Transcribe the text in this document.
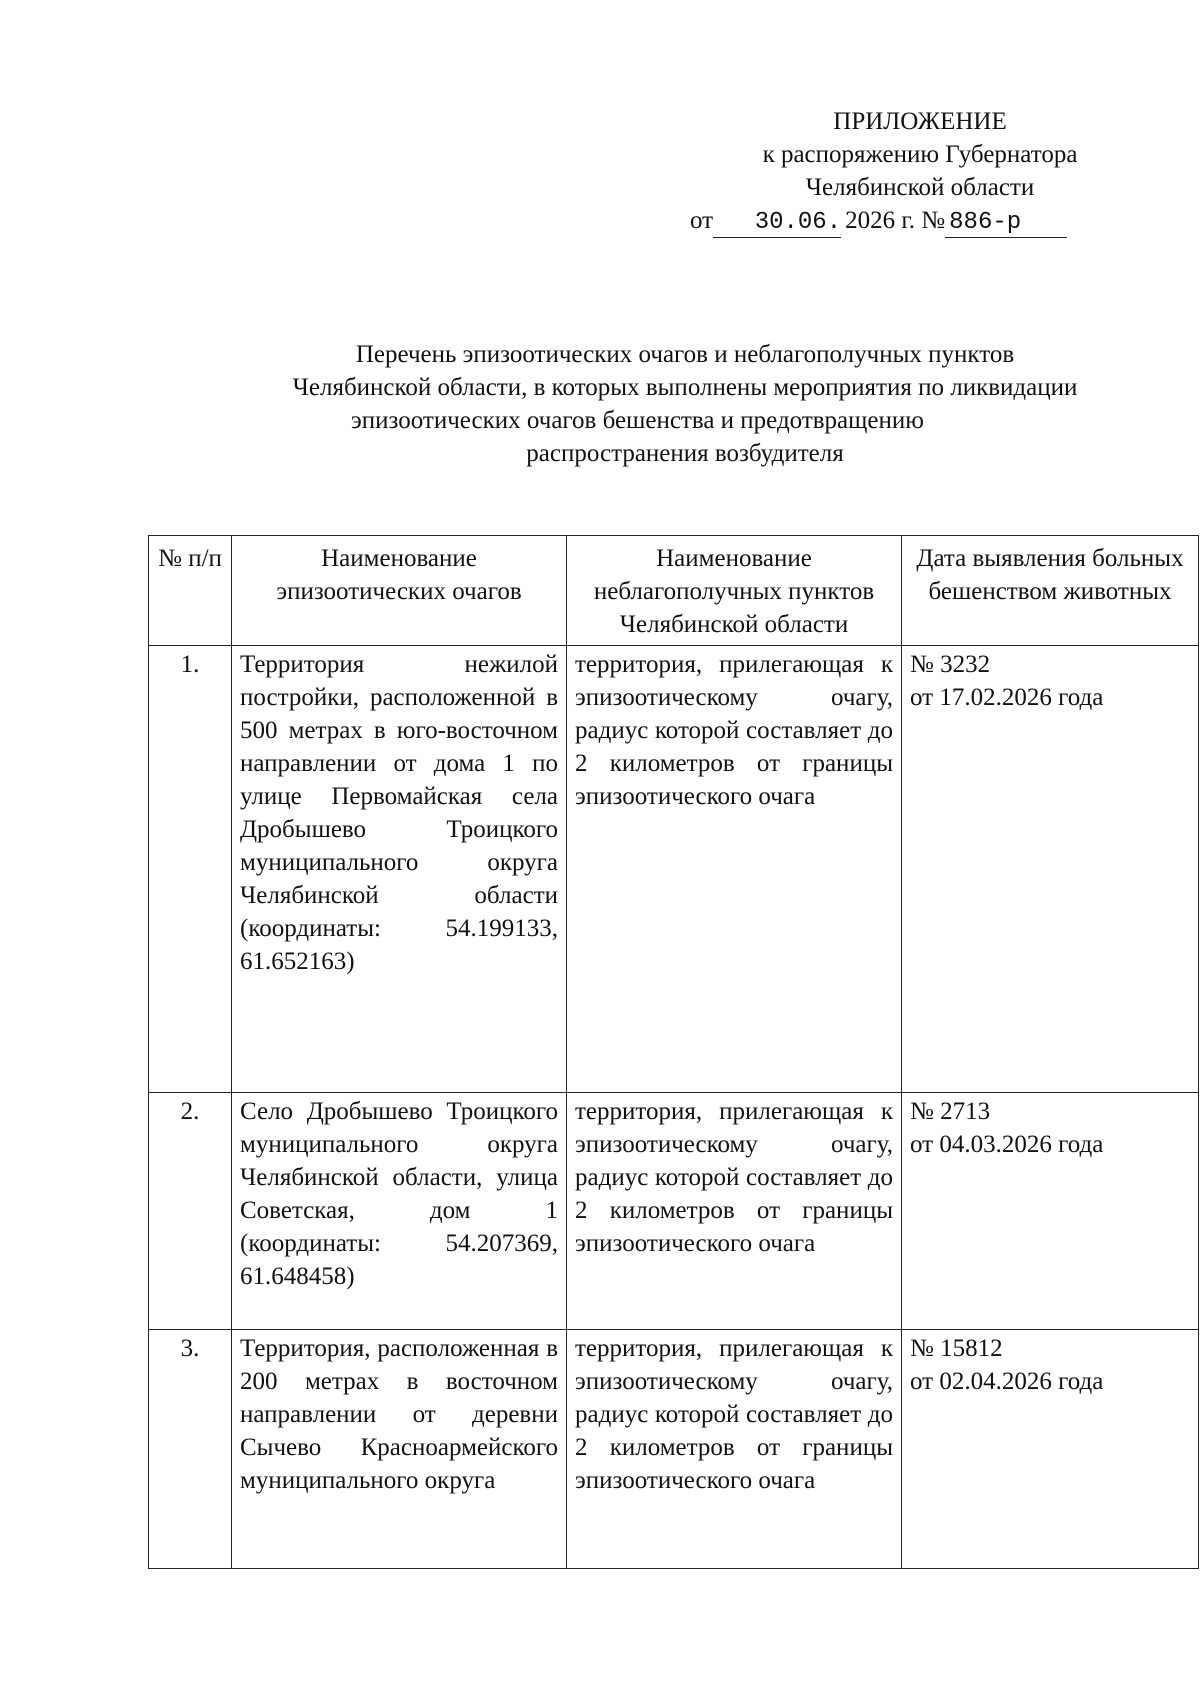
ПРИЛОЖЕНИЕ
к распоряжению Губернатора
Челябинской области
от 30.06. 2026 г. № 886-р
Перечень эпизоотических очагов и неблагополучных пунктов
Челябинской области, в которых выполнены мероприятия по ликвидации
эпизоотических очагов бешенства и предотвращению
распространения возбудителя
№ п/п	Наименование эпизоотических очагов	Наименование неблагополучных пунктов Челябинской области	Дата выявления больных бешенством животных
1.	Территория нежилой постройки, расположенной в 500 метрах в юго-восточном направлении от дома 1 по улице Первомайская села Дробышево Троицкого муниципального округа Челябинской области (координаты: 54.199133, 61.652163)	территория, прилегающая к эпизоотическому очагу, радиус которой составляет до 2 километров от границы эпизоотического очага	№ 3232
от 17.02.2026 года

2.	Село Дробышево Троицкого муниципального округа Челябинской области, улица Советская, дом 1 (координаты: 54.207369, 61.648458)	территория, прилегающая к эпизоотическому очагу, радиус которой составляет до 2 километров от границы эпизоотического очага	№ 2713
от 04.03.2026 года

3.	Территория, расположенная в 200 метрах в восточном направлении от деревни Сычево Красноармейского муниципального округа	территория, прилегающая к эпизоотическому очагу, радиус которой составляет до 2 километров от границы эпизоотического очага	№ 15812
от 02.04.2026 года
